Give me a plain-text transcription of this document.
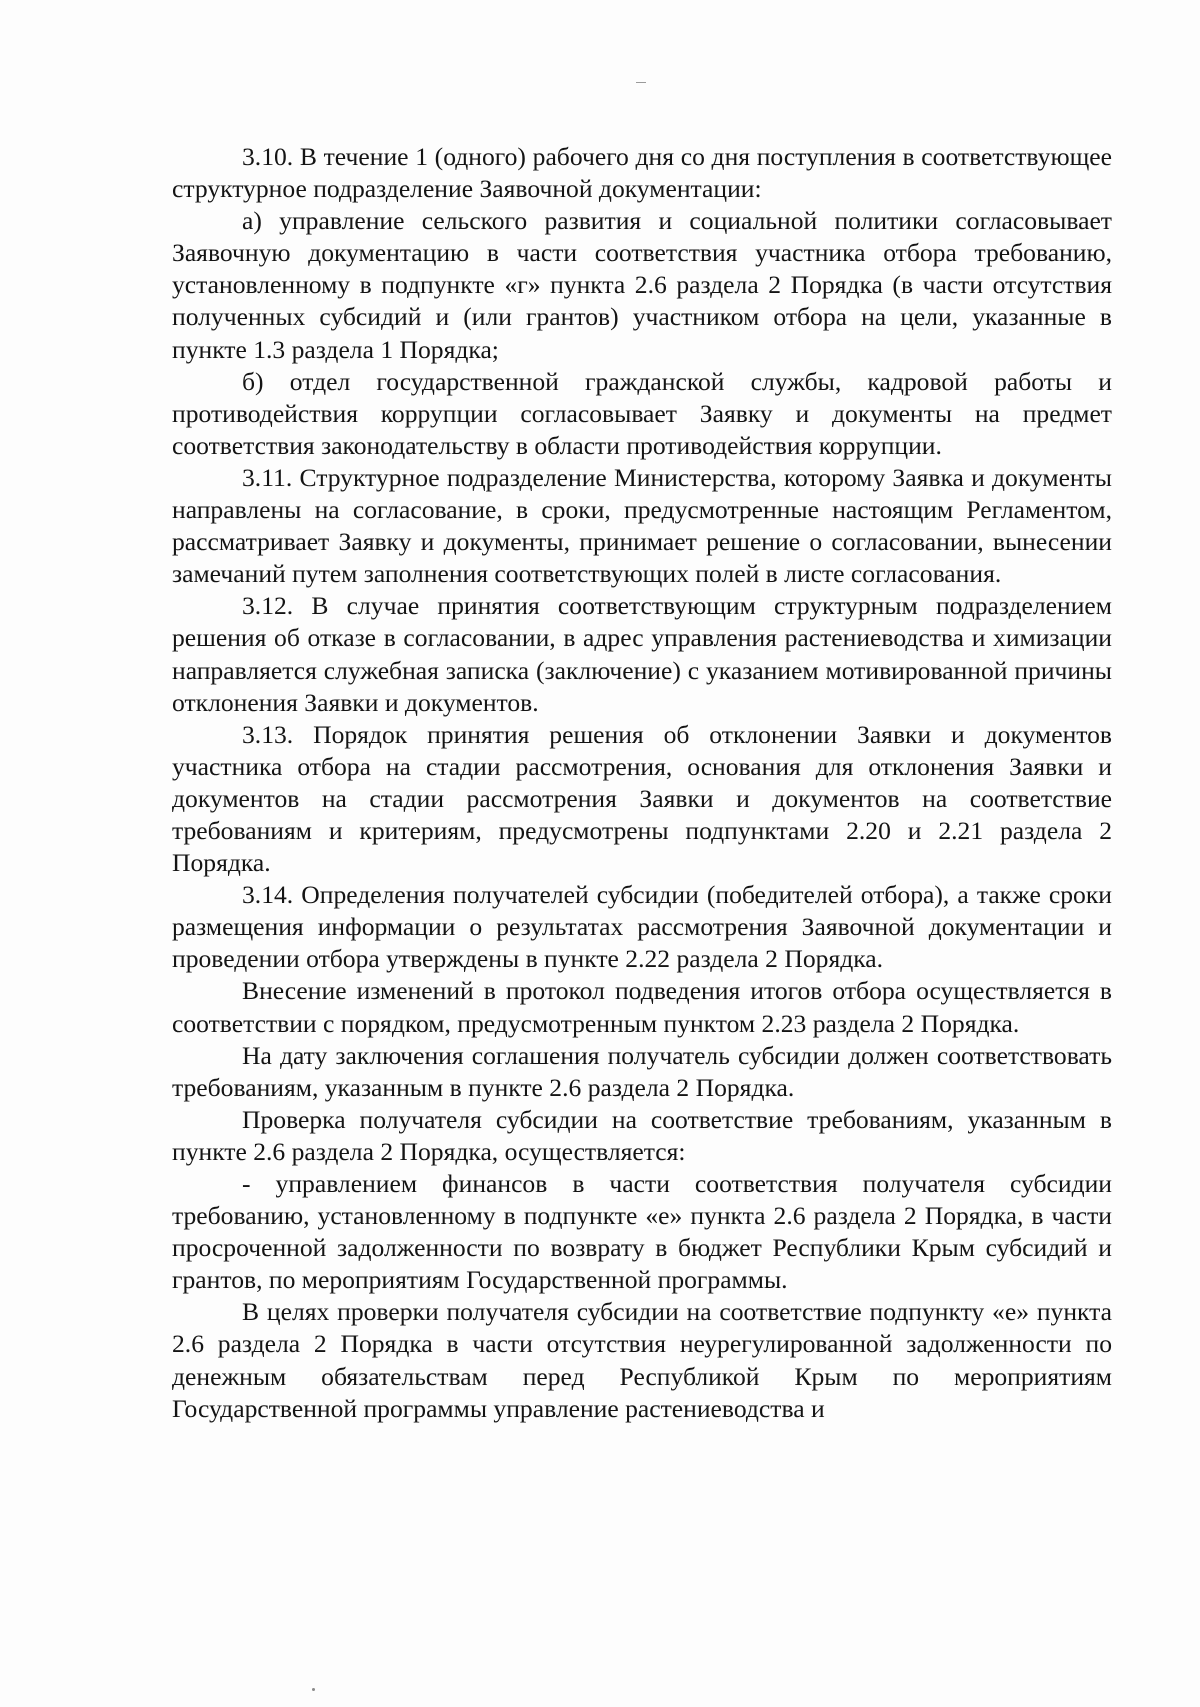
3.10. В течение 1 (одного) рабочего дня со дня поступления в соответствующее структурное подразделение Заявочной документации:

а) управление сельского развития и социальной политики согласовывает Заявочную документацию в части соответствия участника отбора требованию, установленному в подпункте «г» пункта 2.6 раздела 2 Порядка (в части отсутствия полученных субсидий и (или грантов) участником отбора на цели, указанные в пункте 1.3 раздела 1 Порядка;

б) отдел государственной гражданской службы, кадровой работы и противодействия коррупции согласовывает Заявку и документы на предмет соответствия законодательству в области противодействия коррупции.

3.11. Структурное подразделение Министерства, которому Заявка и документы направлены на согласование, в сроки, предусмотренные настоящим Регламентом, рассматривает Заявку и документы, принимает решение о согласовании, вынесении замечаний путем заполнения соответствующих полей в листе согласования.

3.12. В случае принятия соответствующим структурным подразделением решения об отказе в согласовании, в адрес управления растениеводства и химизации направляется служебная записка (заключение) с указанием мотивированной причины отклонения Заявки и документов.

3.13. Порядок принятия решения об отклонении Заявки и документов участника отбора на стадии рассмотрения, основания для отклонения Заявки и документов на стадии рассмотрения Заявки и документов на соответствие требованиям и критериям, предусмотрены подпунктами 2.20 и 2.21 раздела 2 Порядка.

3.14. Определения получателей субсидии (победителей отбора), а также сроки размещения информации о результатах рассмотрения Заявочной документации и проведении отбора утверждены в пункте 2.22 раздела 2 Порядка.

Внесение изменений в протокол подведения итогов отбора осуществляется в соответствии с порядком, предусмотренным пунктом 2.23 раздела 2 Порядка.

На дату заключения соглашения получатель субсидии должен соответствовать требованиям, указанным в пункте 2.6 раздела 2 Порядка.

Проверка получателя субсидии на соответствие требованиям, указанным в пункте 2.6 раздела 2 Порядка, осуществляется:

- управлением финансов в части соответствия получателя субсидии требованию, установленному в подпункте «е» пункта 2.6 раздела 2 Порядка, в части просроченной задолженности по возврату в бюджет Республики Крым субсидий и грантов, по мероприятиям Государственной программы.

В целях проверки получателя субсидии на соответствие подпункту «е» пункта 2.6 раздела 2 Порядка в части отсутствия неурегулированной задолженности по денежным обязательствам перед Республикой Крым по мероприятиям Государственной программы управление растениеводства и
